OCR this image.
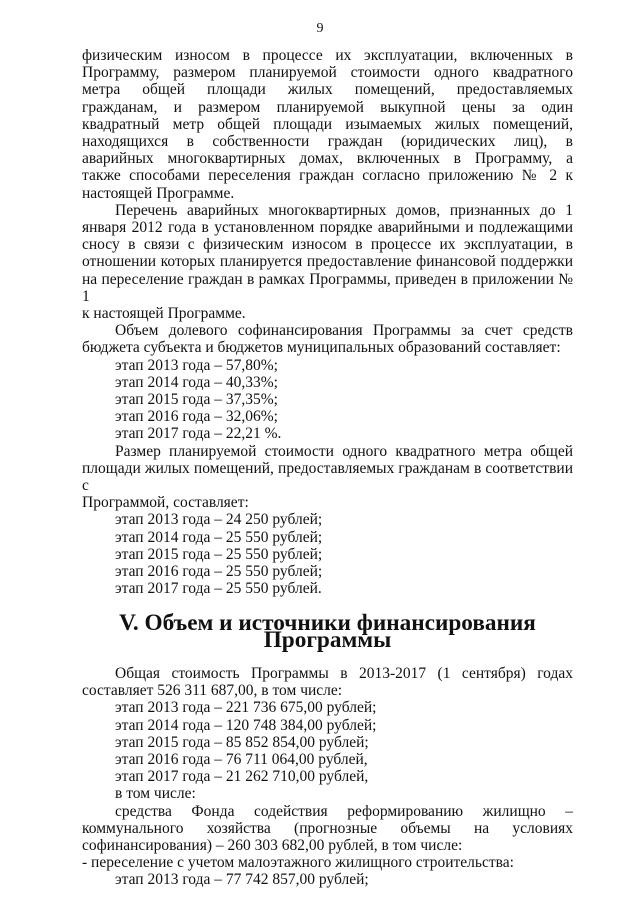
9

физическим износом в процессе их эксплуатации, включенных в

Программу, размером планируемой стоимости одного квадратного

метра общей площади жилых помещений, предоставляемых

гражданам, и размером планируемой выкупной цены за один

квадратный метр общей площади изымаемых жилых помещений,

находящихся в собственности граждан (юридических лиц), в

аварийных многоквартирных домах, включенных в Программу, а

также способами переселения граждан согласно приложению № 2 к

настоящей Программе.

Перечень аварийных многоквартирных домов, признанных до 1

января 2012 года в установленном порядке аварийными и подлежащими

сносу в связи с физическим износом в процессе их эксплуатации, в

отношении которых планируется предоставление финансовой поддержки

на переселение граждан в рамках Программы, приведен в приложении № 1

к настоящей Программе.

Объем долевого софинансирования Программы за счет средств

бюджета субъекта и бюджетов муниципальных образований составляет:

этап 2013 года – 57,80%;

этап 2014 года – 40,33%;

этап 2015 года – 37,35%;

этап 2016 года – 32,06%;

этап 2017 года – 22,21 %.

Размер планируемой стоимости одного квадратного метра общей

площади жилых помещений, предоставляемых гражданам в соответствии с

Программой, составляет:

этап 2013 года – 24 250 рублей;

этап 2014 года – 25 550 рублей;

этап 2015 года – 25 550 рублей;

этап 2016 года – 25 550 рублей;

этап 2017 года – 25 550 рублей.

V. Объем и источники финансирования Программы

Общая стоимость Программы в 2013-2017 (1 сентября) годах

составляет 526 311 687,00, в том числе:

этап 2013 года – 221 736 675,00 рублей;

этап 2014 года – 120 748 384,00 рублей;

этап 2015 года – 85 852 854,00 рублей;

этап 2016 года – 76 711 064,00 рублей,

этап 2017 года – 21 262 710,00 рублей,

в том числе:

средства Фонда содействия реформированию жилищно –

коммунального хозяйства (прогнозные объемы на условиях

софинансирования) – 260 303 682,00 рублей, в том числе:

- переселение с учетом малоэтажного жилищного строительства:

этап 2013 года – 77 742 857,00 рублей;
